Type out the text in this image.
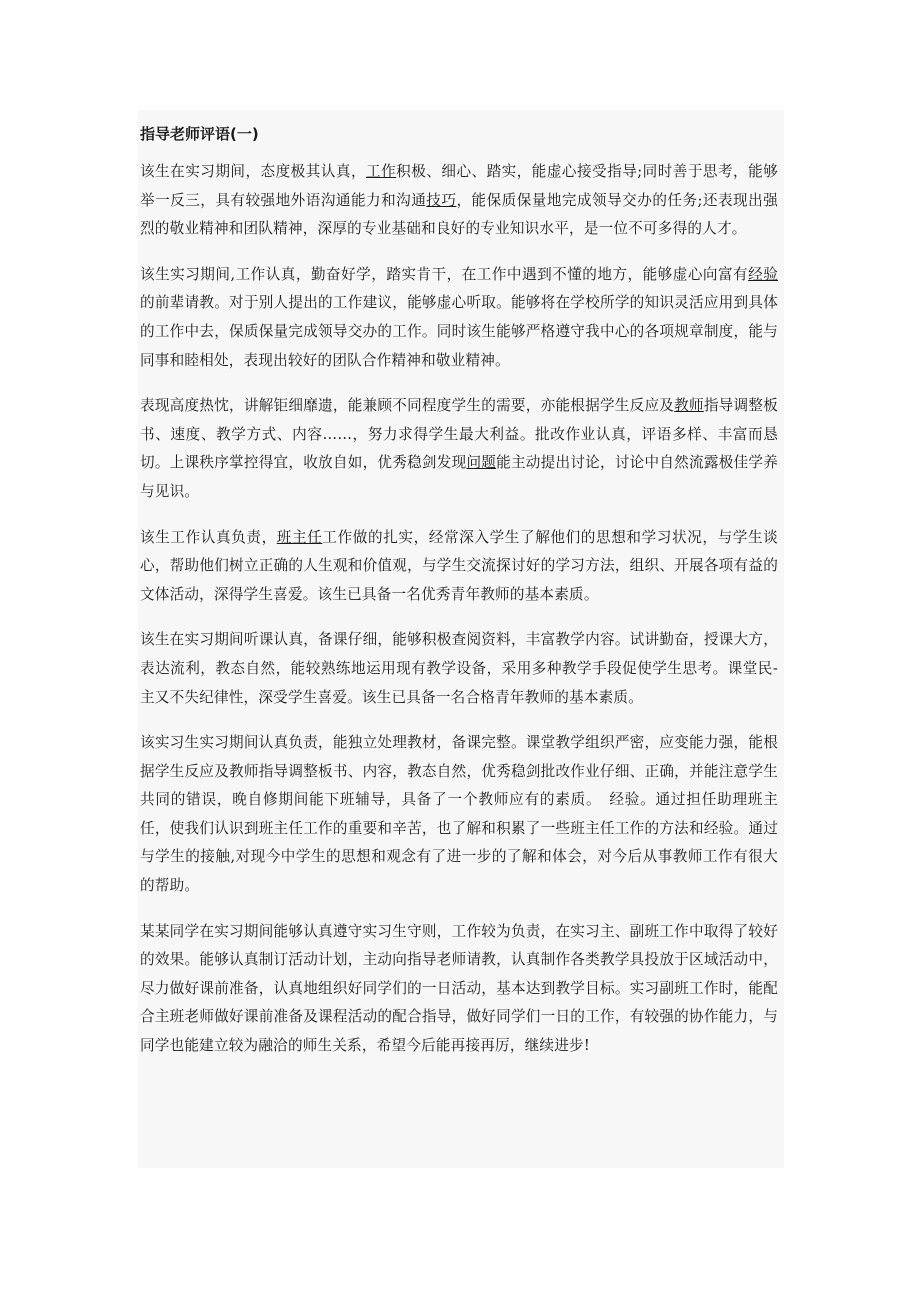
指导老师评语(一)

该生在实习期间，态度极其认真，工作积极、细心、踏实，能虚心接受指导;同时善于思考，能够举一反三，具有较强地外语沟通能力和沟通技巧，能保质保量地完成领导交办的任务;还表现出强烈的敬业精神和团队精神，深厚的专业基础和良好的专业知识水平，是一位不可多得的人才。

该生实习期间,工作认真，勤奋好学，踏实肯干，在工作中遇到不懂的地方，能够虚心向富有经验的前辈请教。对于别人提出的工作建议，能够虚心听取。能够将在学校所学的知识灵活应用到具体的工作中去，保质保量完成领导交办的工作。同时该生能够严格遵守我中心的各项规章制度，能与同事和睦相处，表现出较好的团队合作精神和敬业精神。

表现高度热忱，讲解钜细靡遗，能兼顾不同程度学生的需要，亦能根据学生反应及教师指导调整板书、速度、教学方式、内容……，努力求得学生最大利益。批改作业认真，评语多样、丰富而恳切。上课秩序掌控得宜，收放自如，优秀稳剑发现问题能主动提出讨论，讨论中自然流露极佳学养与见识。

该生工作认真负责，班主任工作做的扎实，经常深入学生了解他们的思想和学习状况，与学生谈心，帮助他们树立正确的人生观和价值观，与学生交流探讨好的学习方法，组织、开展各项有益的文体活动，深得学生喜爱。该生已具备一名优秀青年教师的基本素质。

该生在实习期间听课认真，备课仔细，能够积极查阅资料，丰富教学内容。试讲勤奋，授课大方，表达流利，教态自然，能较熟练地运用现有教学设备，采用多种教学手段促使学生思考。课堂民-主又不失纪律性，深受学生喜爱。该生已具备一名合格青年教师的基本素质。

该实习生实习期间认真负责，能独立处理教材，备课完整。课堂教学组织严密，应变能力强，能根据学生反应及教师指导调整板书、内容，教态自然，优秀稳剑批改作业仔细、正确，并能注意学生共同的错误，晚自修期间能下班辅导，具备了一个教师应有的素质。　经验。通过担任助理班主任，使我们认识到班主任工作的重要和辛苦，也了解和积累了一些班主任工作的方法和经验。通过与学生的接触,对现今中学生的思想和观念有了进一步的了解和体会，对今后从事教师工作有很大的帮助。

某某同学在实习期间能够认真遵守实习生守则，工作较为负责，在实习主、副班工作中取得了较好的效果。能够认真制订活动计划，主动向指导老师请教，认真制作各类教学具投放于区域活动中，尽力做好课前准备，认真地组织好同学们的一日活动，基本达到教学目标。实习副班工作时，能配合主班老师做好课前准备及课程活动的配合指导，做好同学们一日的工作，有较强的协作能力，与同学也能建立较为融洽的师生关系，希望今后能再接再厉，继续进步!
